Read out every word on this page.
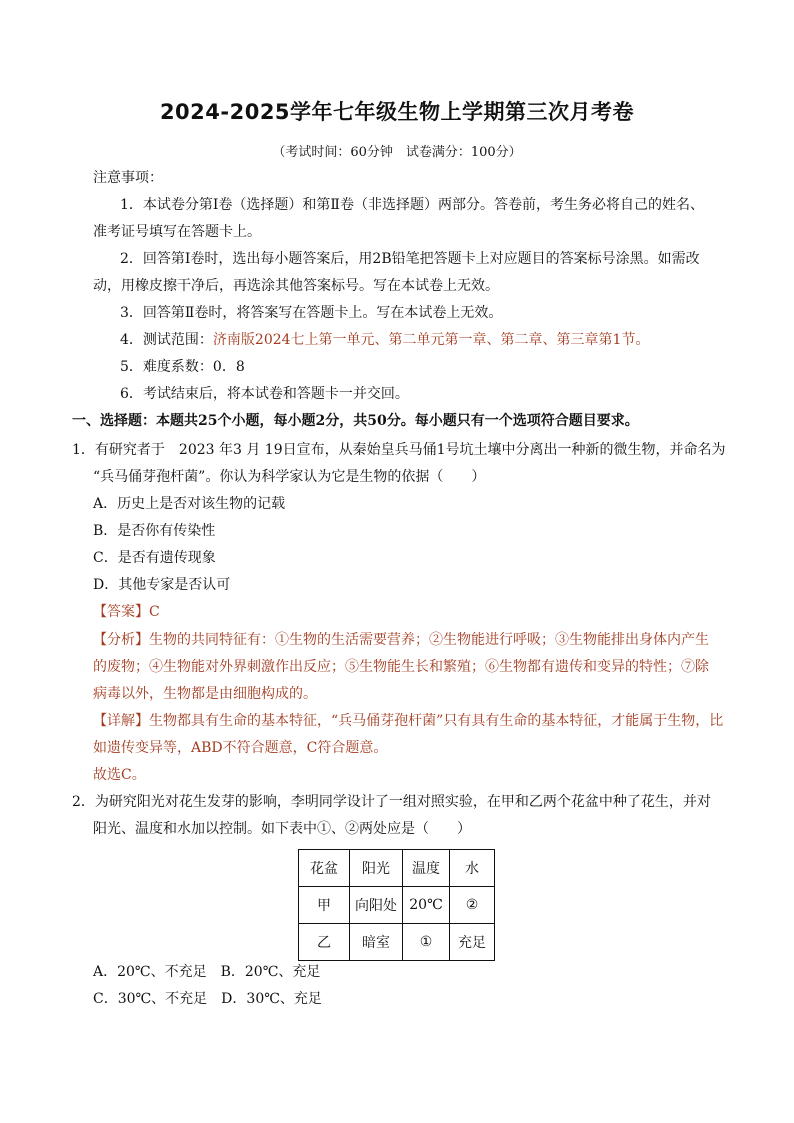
2024-2025学年七年级生物上学期第三次月考卷
（考试时间：60分钟　试卷满分：100分）
注意事项：
1．本试卷分第Ⅰ卷（选择题）和第Ⅱ卷（非选择题）两部分。答卷前，考生务必将自己的姓名、
准考证号填写在答题卡上。
2．回答第Ⅰ卷时，选出每小题答案后，用2B铅笔把答题卡上对应题目的答案标号涂黑。如需改
动，用橡皮擦干净后，再选涂其他答案标号。写在本试卷上无效。
3．回答第Ⅱ卷时，将答案写在答题卡上。写在本试卷上无效。
4．测试范围：济南版2024七上第一单元、第二单元第一章、第二章、第三章第1节。
5．难度系数：0．8
6．考试结束后，将本试卷和答题卡一并交回。
一、选择题：本题共25个小题，每小题2分，共50分。每小题只有一个选项符合题目要求。
1．有研究者于　2023 年3 月 19日宣布，从秦始皇兵马俑1号坑土壤中分离出一种新的微生物，并命名为
“兵马俑芽孢杆菌”。你认为科学家认为它是生物的依据（　　）
A．历史上是否对该生物的记载
B．是否你有传染性
C．是否有遗传现象
D．其他专家是否认可
【答案】C
【分析】生物的共同特征有：①生物的生活需要营养；②生物能进行呼吸；③生物能排出身体内产生
的废物；④生物能对外界刺激作出反应；⑤生物能生长和繁殖；⑥生物都有遗传和变异的特性；⑦除
病毒以外，生物都是由细胞构成的。
【详解】生物都具有生命的基本特征，“兵马俑芽孢杆菌”只有具有生命的基本特征，才能属于生物，比
如遗传变异等，ABD不符合题意，C符合题意。
故选C。
2．为研究阳光对花生发芽的影响，李明同学设计了一组对照实验，在甲和乙两个花盆中种了花生，并对
阳光、温度和水加以控制。如下表中①、②两处应是（　　）
花盆	阳光	温度	水
甲	向阳处	20℃	②
乙	暗室	①	充足
A．20℃、不充足　B．20℃、充足
C．30℃、不充足　D．30℃、充足
